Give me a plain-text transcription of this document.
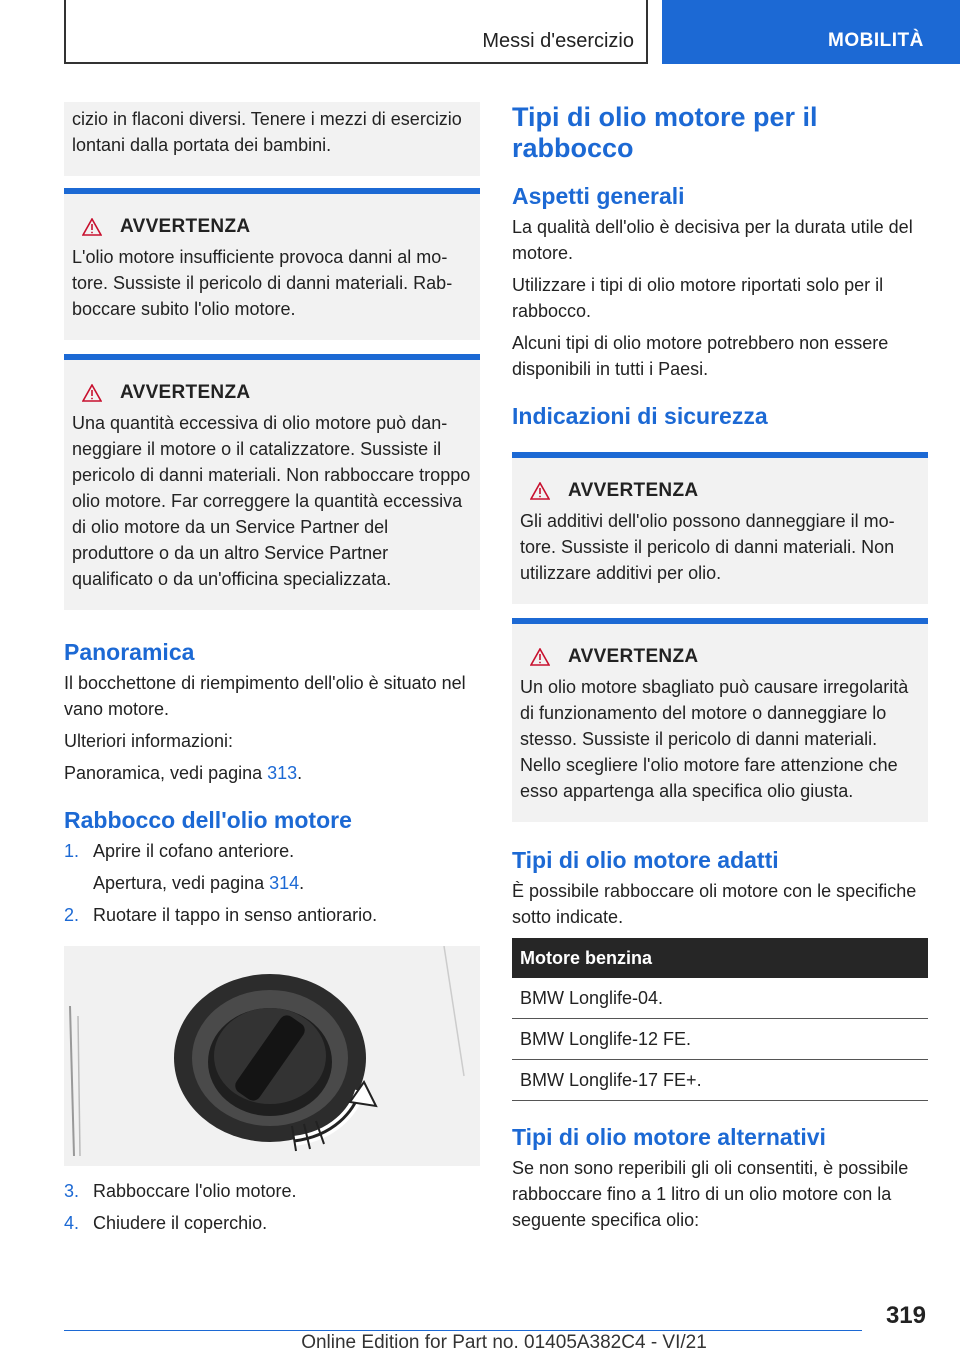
Messi d'esercizio	MOBILITÀ
cizio in flaconi diversi. Tenere i mezzi di esercizio lontani dalla portata dei bambini.
AVVERTENZA
L'olio motore insufficiente provoca danni al motore. Sussiste il pericolo di danni materiali. Rabboccare subito l'olio motore.
AVVERTENZA
Una quantità eccessiva di olio motore può danneggiare il motore o il catalizzatore. Sussiste il pericolo di danni materiali. Non rabboccare troppo olio motore. Far correggere la quantità eccessiva di olio motore da un Service Partner del produttore o da un altro Service Partner qualificato o da un'officina specializzata.
Panoramica

Il bocchettone di riempimento dell'olio è situato nel vano motore.

Ulteriori informazioni:

Panoramica, vedi pagina 313.

Rabbocco dell'olio motore
1. Aprire il cofano anteriore.
Apertura, vedi pagina 314.
2. Ruotare il tappo in senso antiorario.
3. Rabboccare l'olio motore.
4. Chiudere il coperchio.
Tipi di olio motore per il rabbocco
Aspetti generali

La qualità dell'olio è decisiva per la durata utile del motore.

Utilizzare i tipi di olio motore riportati solo per il rabbocco.

Alcuni tipi di olio motore potrebbero non essere disponibili in tutti i Paesi.

Indicazioni di sicurezza
AVVERTENZA
Gli additivi dell'olio possono danneggiare il motore. Sussiste il pericolo di danni materiali. Non utilizzare additivi per olio.
AVVERTENZA
Un olio motore sbagliato può causare irregolarità di funzionamento del motore o danneggiare lo stesso. Sussiste il pericolo di danni materiali. Nello scegliere l'olio motore fare attenzione che esso appartenga alla specifica olio giusta.
Tipi di olio motore adatti

È possibile rabboccare oli motore con le specifiche sotto indicate.

Motore benzina
BMW Longlife-04.
BMW Longlife-12 FE.
BMW Longlife-17 FE+.
Tipi di olio motore alternativi

Se non sono reperibili gli oli consentiti, è possibile rabboccare fino a 1 litro di un olio motore con la seguente specifica olio:

319
Online Edition for Part no. 01405A382C4 - VI/21
